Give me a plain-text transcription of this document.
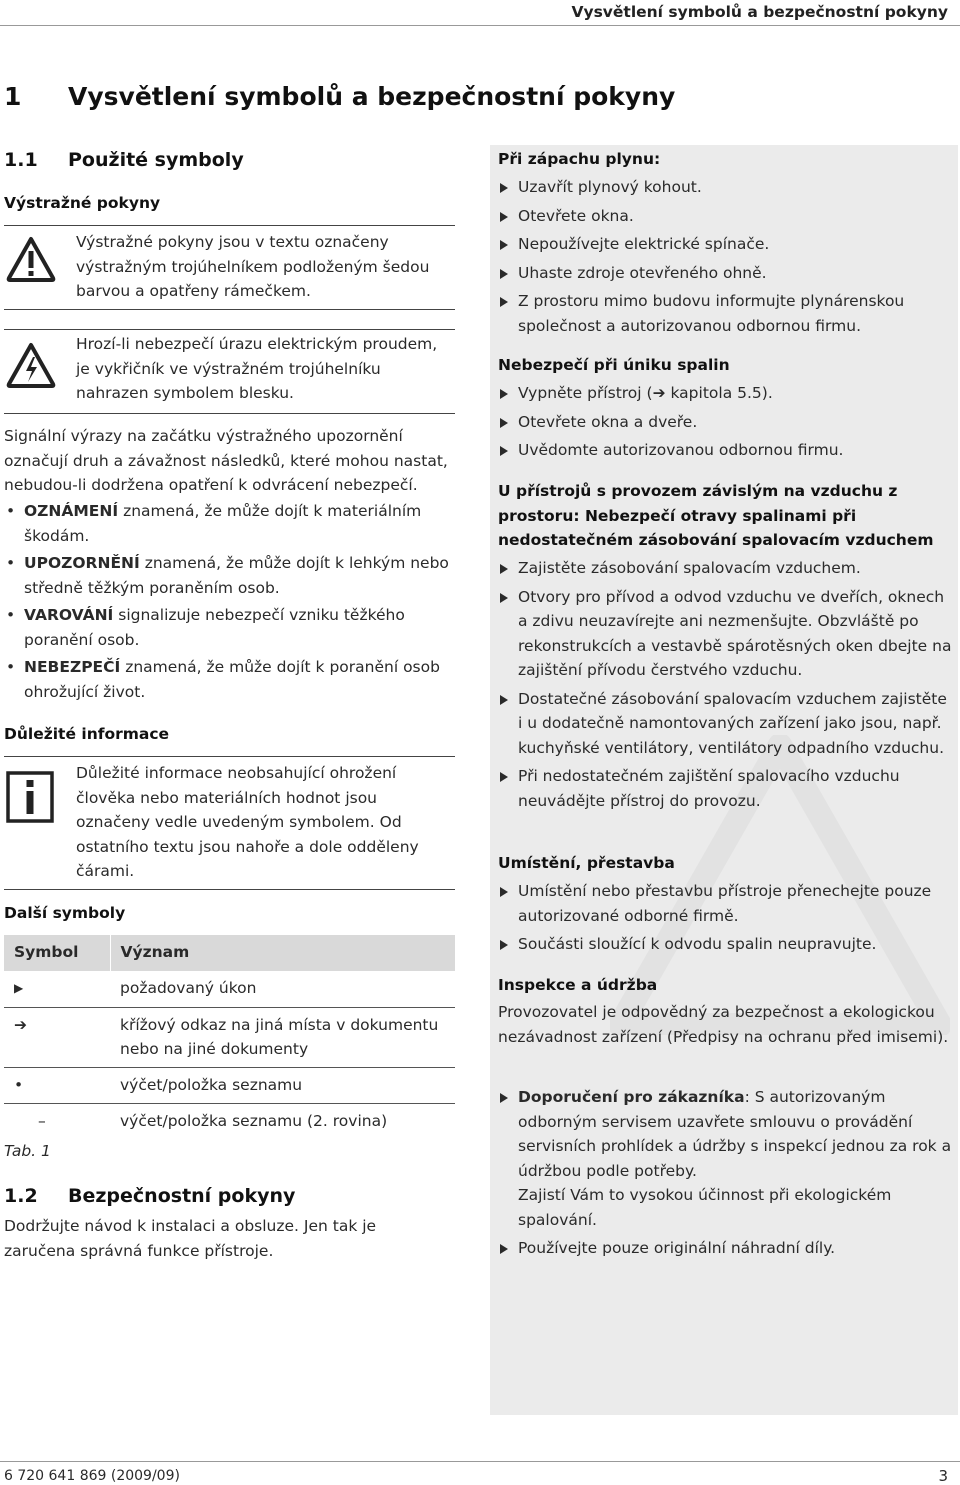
Vysvětlení symbolů a bezpečnostní pokyny
1 Vysvětlení symbolů a bezpečnostní pokyny
1.1 Použité symboly
Výstražné pokyny
Výstražné pokyny jsou v textu označeny výstražným trojúhelníkem podloženým šedou barvou a opatřeny rámečkem.
Hrozí-li nebezpečí úrazu elektrickým proudem, je vykřičník ve výstražném trojúhelníku nahrazen symbolem blesku.
Signální výrazy na začátku výstražného upozornění označují druh a závažnost následků, které mohou nastat, nebudou-li dodržena opatření k odvrácení nebezpečí.
• OZNÁMENÍ znamená, že může dojít k materiálním škodám.
• UPOZORNĚNÍ znamená, že může dojít k lehkým nebo středně těžkým poraněním osob.
• VAROVÁNÍ signalizuje nebezpečí vzniku těžkého poranění osob.
• NEBEZPEČÍ znamená, že může dojít k poranění osob ohrožující život.
Důležité informace
Důležité informace neobsahující ohrožení člověka nebo materiálních hodnot jsou označeny vedle uvedeným symbolem. Od ostatního textu jsou nahoře a dole odděleny čárami.
Další symboly
Symbol	Význam
▶	požadovaný úkon
➔	křížový odkaz na jiná místa v dokumentu nebo na jiné dokumenty
•	výčet/položka seznamu
–	výčet/položka seznamu (2. rovina)
Tab. 1
1.2 Bezpečnostní pokyny
Dodržujte návod k instalaci a obsluze. Jen tak je zaručena správná funkce přístroje.
Při zápachu plynu:
Uzavřít plynový kohout.
Otevřete okna.
Nepoužívejte elektrické spínače.
Uhaste zdroje otevřeného ohně.
Z prostoru mimo budovu informujte plynárenskou společnost a autorizovanou odbornou firmu.
Nebezpečí při úniku spalin
Vypněte přístroj (➔ kapitola 5.5).
Otevřete okna a dveře.
Uvědomte autorizovanou odbornou firmu.
U přístrojů s provozem závislým na vzduchu z prostoru: Nebezpečí otravy spalinami při nedostatečném zásobování spalovacím vzduchem
Zajistěte zásobování spalovacím vzduchem.
Otvory pro přívod a odvod vzduchu ve dveřích, oknech a zdivu neuzavírejte ani nezmenšujte. Obzvláště po rekonstrukcích a vestavbě spárotěsných oken dbejte na zajištění přívodu čerstvého vzduchu.
Dostatečné zásobování spalovacím vzduchem zajistěte i u dodatečně namontovaných zařízení jako jsou, např. kuchyňské ventilátory, ventilátory odpadního vzduchu.
Při nedostatečném zajištění spalovacího vzduchu neuvádějte přístroj do provozu.
Umístění, přestavba
Umístění nebo přestavbu přístroje přenechejte pouze autorizované odborné firmě.
Součásti sloužící k odvodu spalin neupravujte.
Inspekce a údržba
Provozovatel je odpovědný za bezpečnost a ekologickou nezávadnost zařízení (Předpisy na ochranu před imisemi).
Doporučení pro zákazníka: S autorizovaným odborným servisem uzavřete smlouvu o provádění servisních prohlídek a údržby s inspekcí jednou za rok a údržbou podle potřeby.
Zajistí Vám to vysokou účinnost při ekologickém spalování.
Používejte pouze originální náhradní díly.
6 720 641 869 (2009/09)	3
